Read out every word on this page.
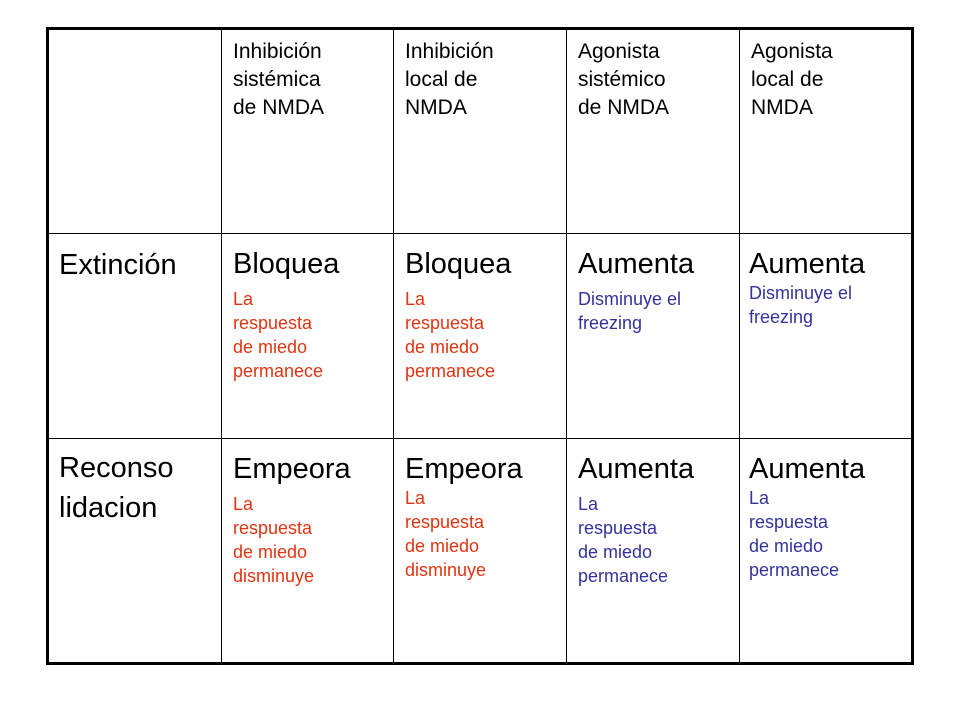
Inhibición
sistémica
de NMDA
Inhibición
local de
NMDA
Agonista
sistémico
de NMDA
Agonista
local de
NMDA
Extinción	Bloquea
La
respuesta
de miedo
permanece
Bloquea
La
respuesta
de miedo
permanece
Aumenta
Disminuye el
freezing
Aumenta
Disminuye el
freezing
Reconso
lidacion
Empeora
La
respuesta
de miedo
disminuye
Empeora
La
respuesta
de miedo
disminuye
Aumenta
La
respuesta
de miedo
permanece
Aumenta
La
respuesta
de miedo
permanece
